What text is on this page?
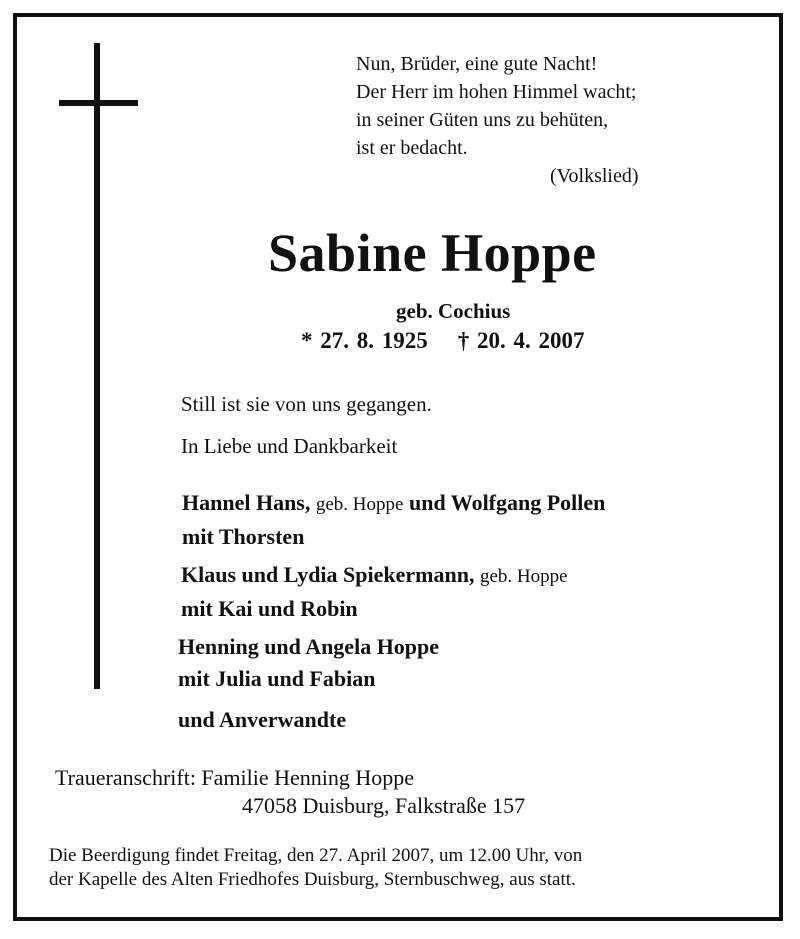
Nun, Brüder, eine gute Nacht!
Der Herr im hohen Himmel wacht;
in seiner Güten uns zu behüten,
ist er bedacht.
(Volkslied)
Sabine Hoppe
geb. Cochius
* 27. 8. 1925 † 20. 4. 2007
Still ist sie von uns gegangen.
In Liebe und Dankbarkeit
Hannel Hans, geb. Hoppe und Wolfgang Pollen
mit Thorsten
Klaus und Lydia Spiekermann, geb. Hoppe
mit Kai und Robin
Henning und Angela Hoppe
mit Julia und Fabian
und Anverwandte
Traueranschrift: Familie Henning Hoppe
47058 Duisburg, Falkstraße 157
Die Beerdigung findet Freitag, den 27. April 2007, um 12.00 Uhr, von
der Kapelle des Alten Friedhofes Duisburg, Sternbuschweg, aus statt.
